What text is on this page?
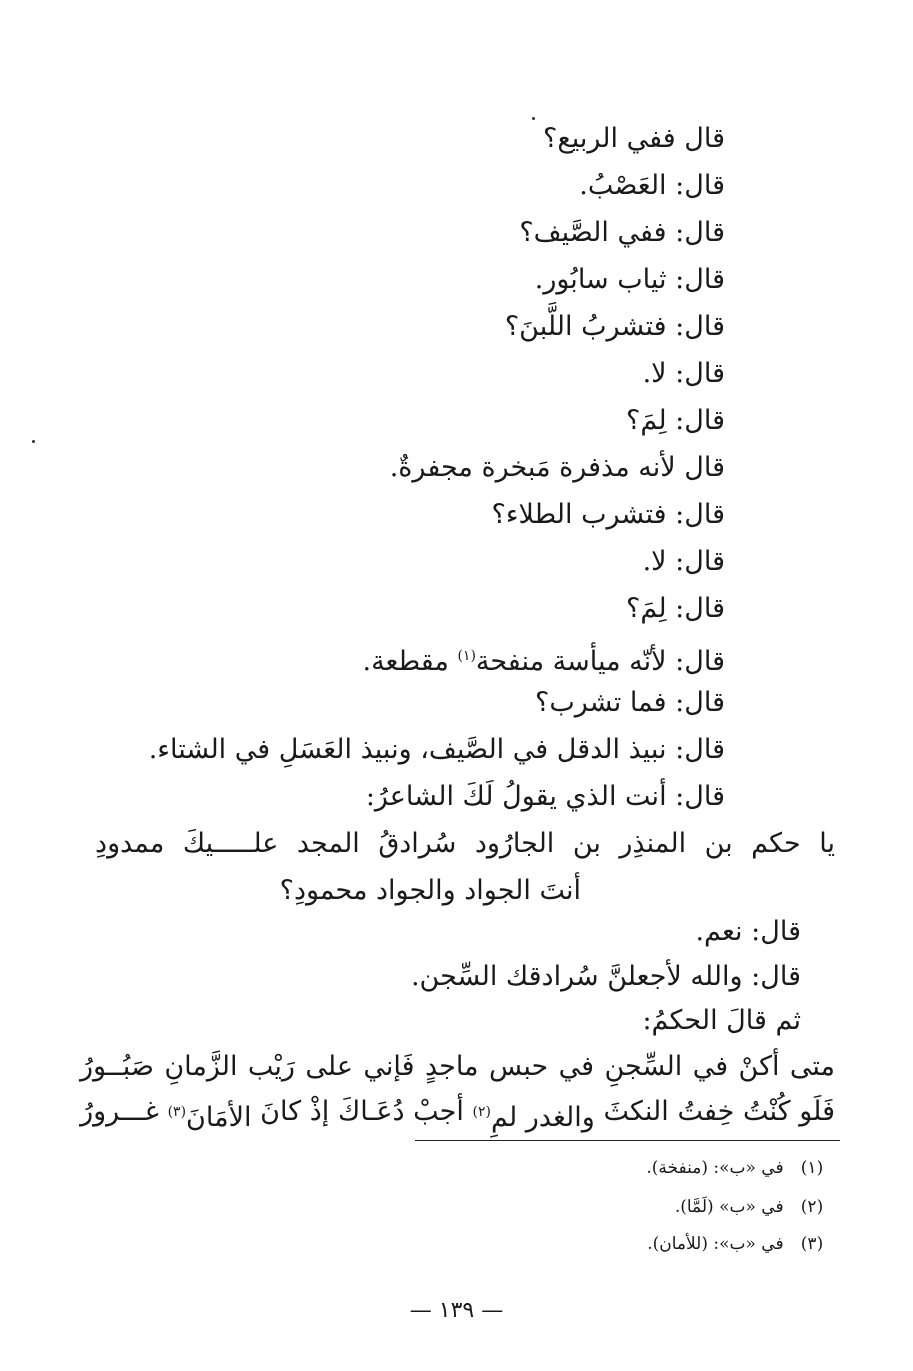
قال ففي الربيع؟
قال: العَصْبُ.
قال: ففي الصَّيف؟
قال: ثياب سابُور.
قال: فتشربُ اللَّبنَ؟
قال: لا.
قال: لِمَ؟
قال لأنه مذفرة مَبخرة مجفرةٌ.
قال: فتشرب الطلاء؟
قال: لا.
قال: لِمَ؟
قال: لأنّه ميأسة منفحة$^{(١)}$ مقطعة.
قال: فما تشرب؟
قال: نبيذ الدقل في الصَّيف، ونبيذ العَسَلِ في الشتاء.
قال: أنت الذي يقولُ لَكَ الشاعرُ:
يا
حكم
بن
المنذِر
بن
الجارُود
سُرادقُ
المجد
علـــــيكَ
ممدودِ
أنتَ الجواد والجواد محمودِ؟
قال: نعم.
قال: والله لأجعلنَّ سُرادقك السِّجن.
ثم قالَ الحكمُ:
متى
أكنْ
في
السِّجنِ
في
حبس
ماجدٍ
فَإني
على
رَيْب
الزَّمانِ
صَبُــورُ
فَلَو
كُنْتُ
خِفتُ
النكثَ
والغدر لمِ$^{(٢)}$
أجبْ
دُعَـاكَ
إذْ
كانَ
الأمَانَ$^{(٣)}$
غـــرورُ
(١) في «ب»: (منفخة).
(٢) في «ب» (لَمَّا).
(٣) في «ب»: (للأمان).
— ١٣٩ —
